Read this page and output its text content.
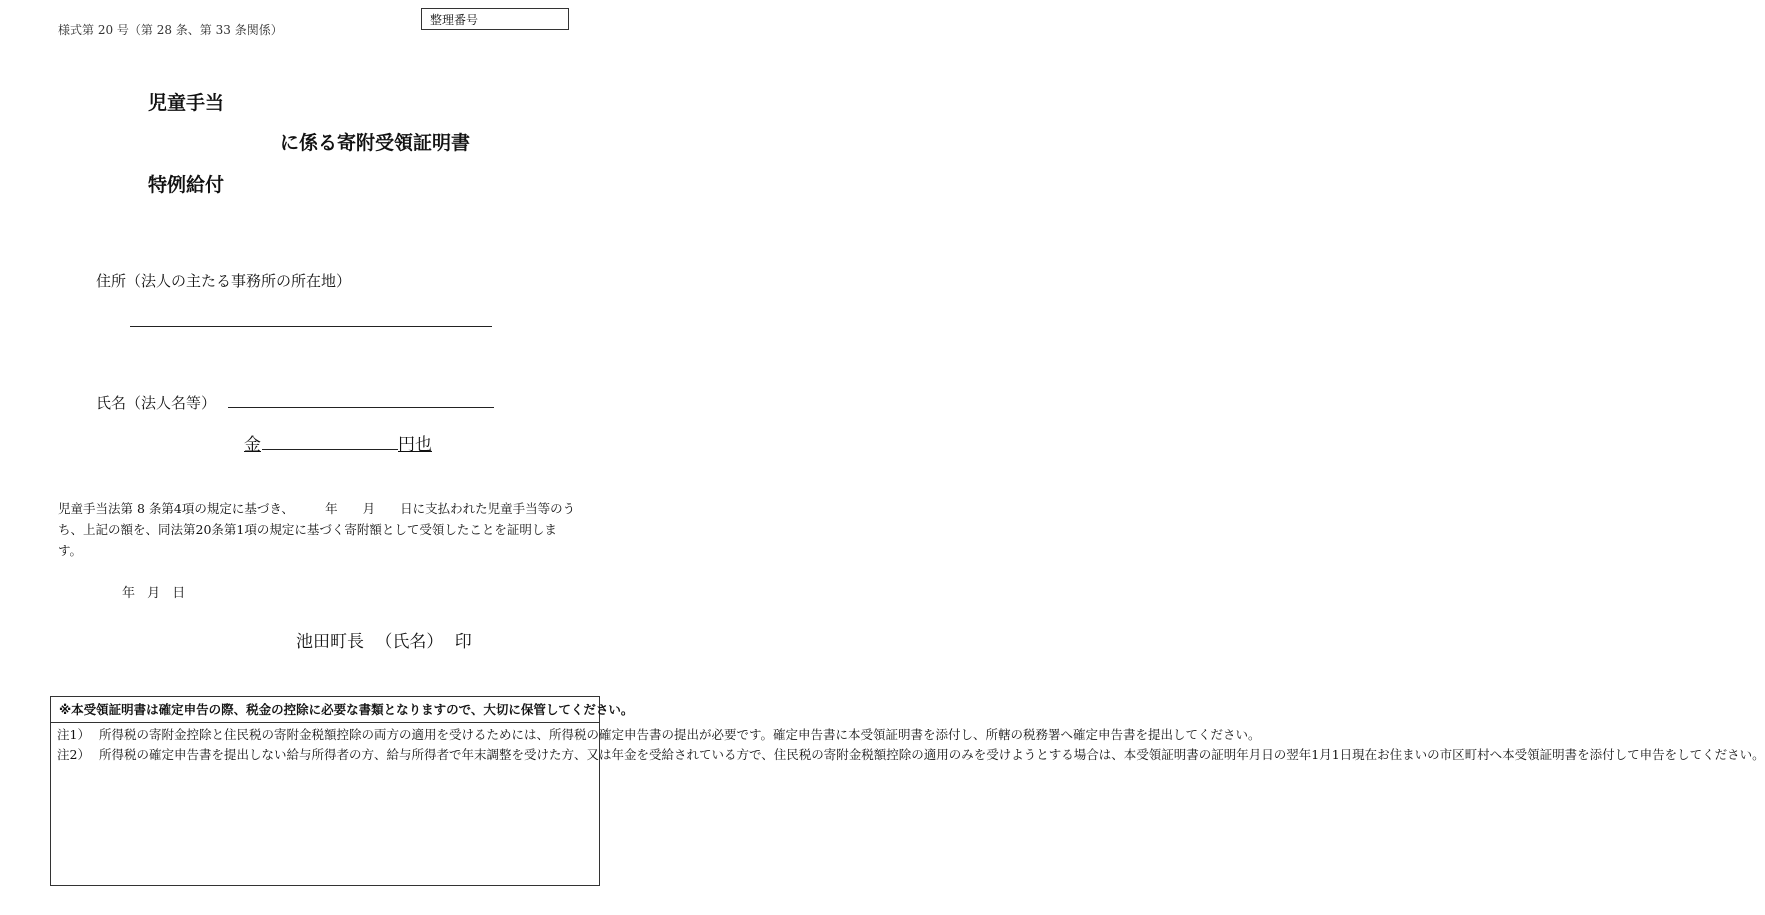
様式第 20 号（第 28 条、第 33 条関係）
整理番号
児童手当
に係る寄附受領証明書
特例給付
住所（法人の主たる事務所の所在地）
氏名（法人名等）
金	円也
児童手当法第 8 条第4項の規定に基づき、　　　年　　月　　日に支払われた児童手当等のうち、上記の額を、同法第20条第1項の規定に基づく寄附額として受領したことを証明します。
年 月 日
池田町長 （氏名） 印
※本受領証明書は確定申告の際、税金の控除に必要な書類となりますので、大切に保管してください。
注1） 所得税の寄附金控除と住民税の寄附金税額控除の両方の適用を受けるためには、所得税の確定申告書の提出が必要です。確定申告書に本受領証明書を添付し、所轄の税務署へ確定申告書を提出してください。
注2） 所得税の確定申告書を提出しない給与所得者の方、給与所得者で年末調整を受けた方、又は年金を受給されている方で、住民税の寄附金税額控除の適用のみを受けようとする場合は、本受領証明書の証明年月日の翌年1月1日現在お住まいの市区町村へ本受領証明書を添付して申告をしてください。
